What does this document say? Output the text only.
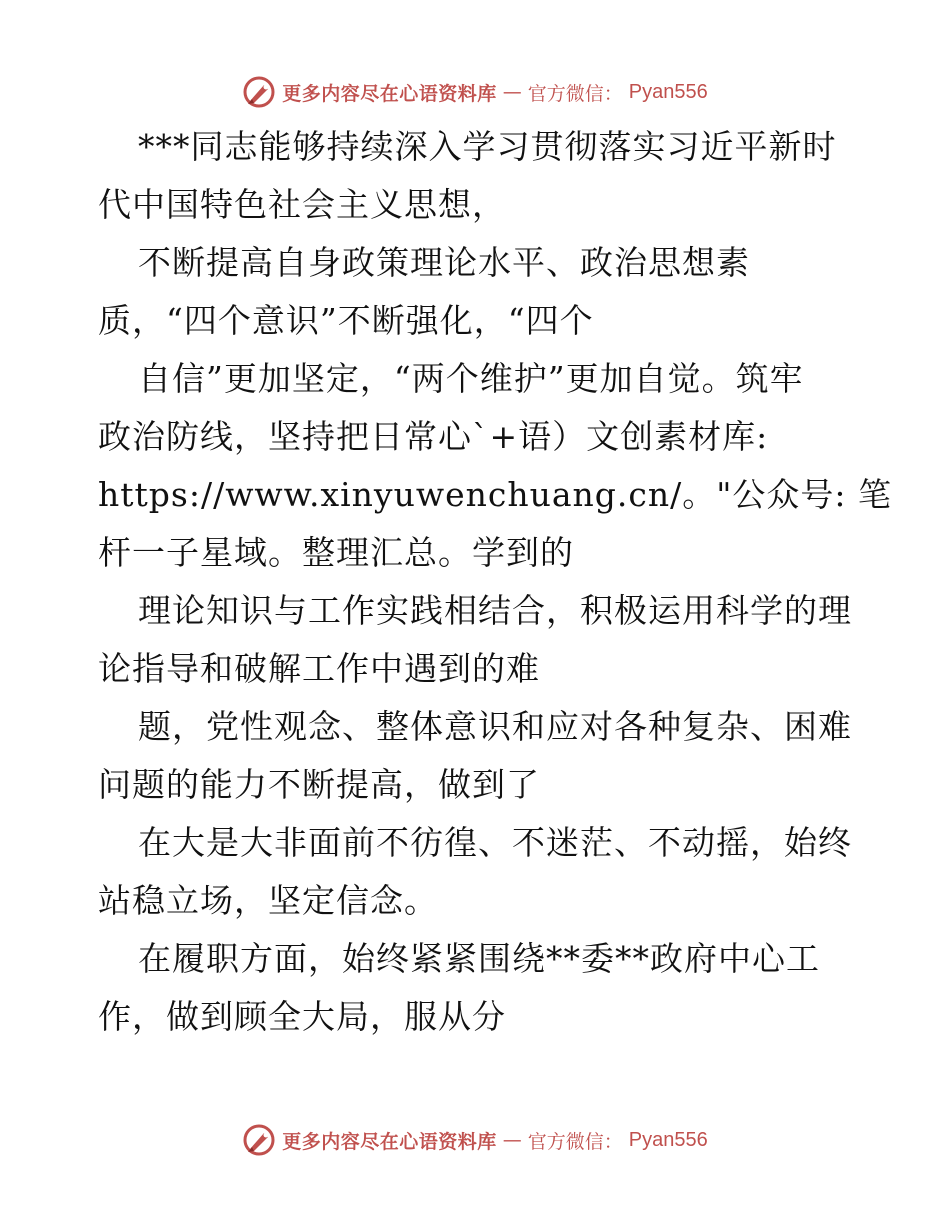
更多内容尽在心语资料库 — 官方微信： Pyan556
***同志能够持续深入学习贯彻落实习近平新时
代中国特色社会主义思想，
不断提高自身政策理论水平、政治思想素
质，“四个意识”不断强化，“四个
自信”更加坚定，“两个维护”更加自觉。筑牢
政治防线，坚持把日常心`+语）文创素材库:
https://www.xinyuwenchuang.cn/。"公众号: 笔
杆一子星域。整理汇总。学到的
理论知识与工作实践相结合，积极运用科学的理
论指导和破解工作中遇到的难
题，党性观念、整体意识和应对各种复杂、困难
问题的能力不断提高，做到了
在大是大非面前不彷徨、不迷茫、不动摇，始终
站稳立场，坚定信念。
在履职方面，始终紧紧围绕**委**政府中心工
作，做到顾全大局，服从分
更多内容尽在心语资料库 — 官方微信： Pyan556
